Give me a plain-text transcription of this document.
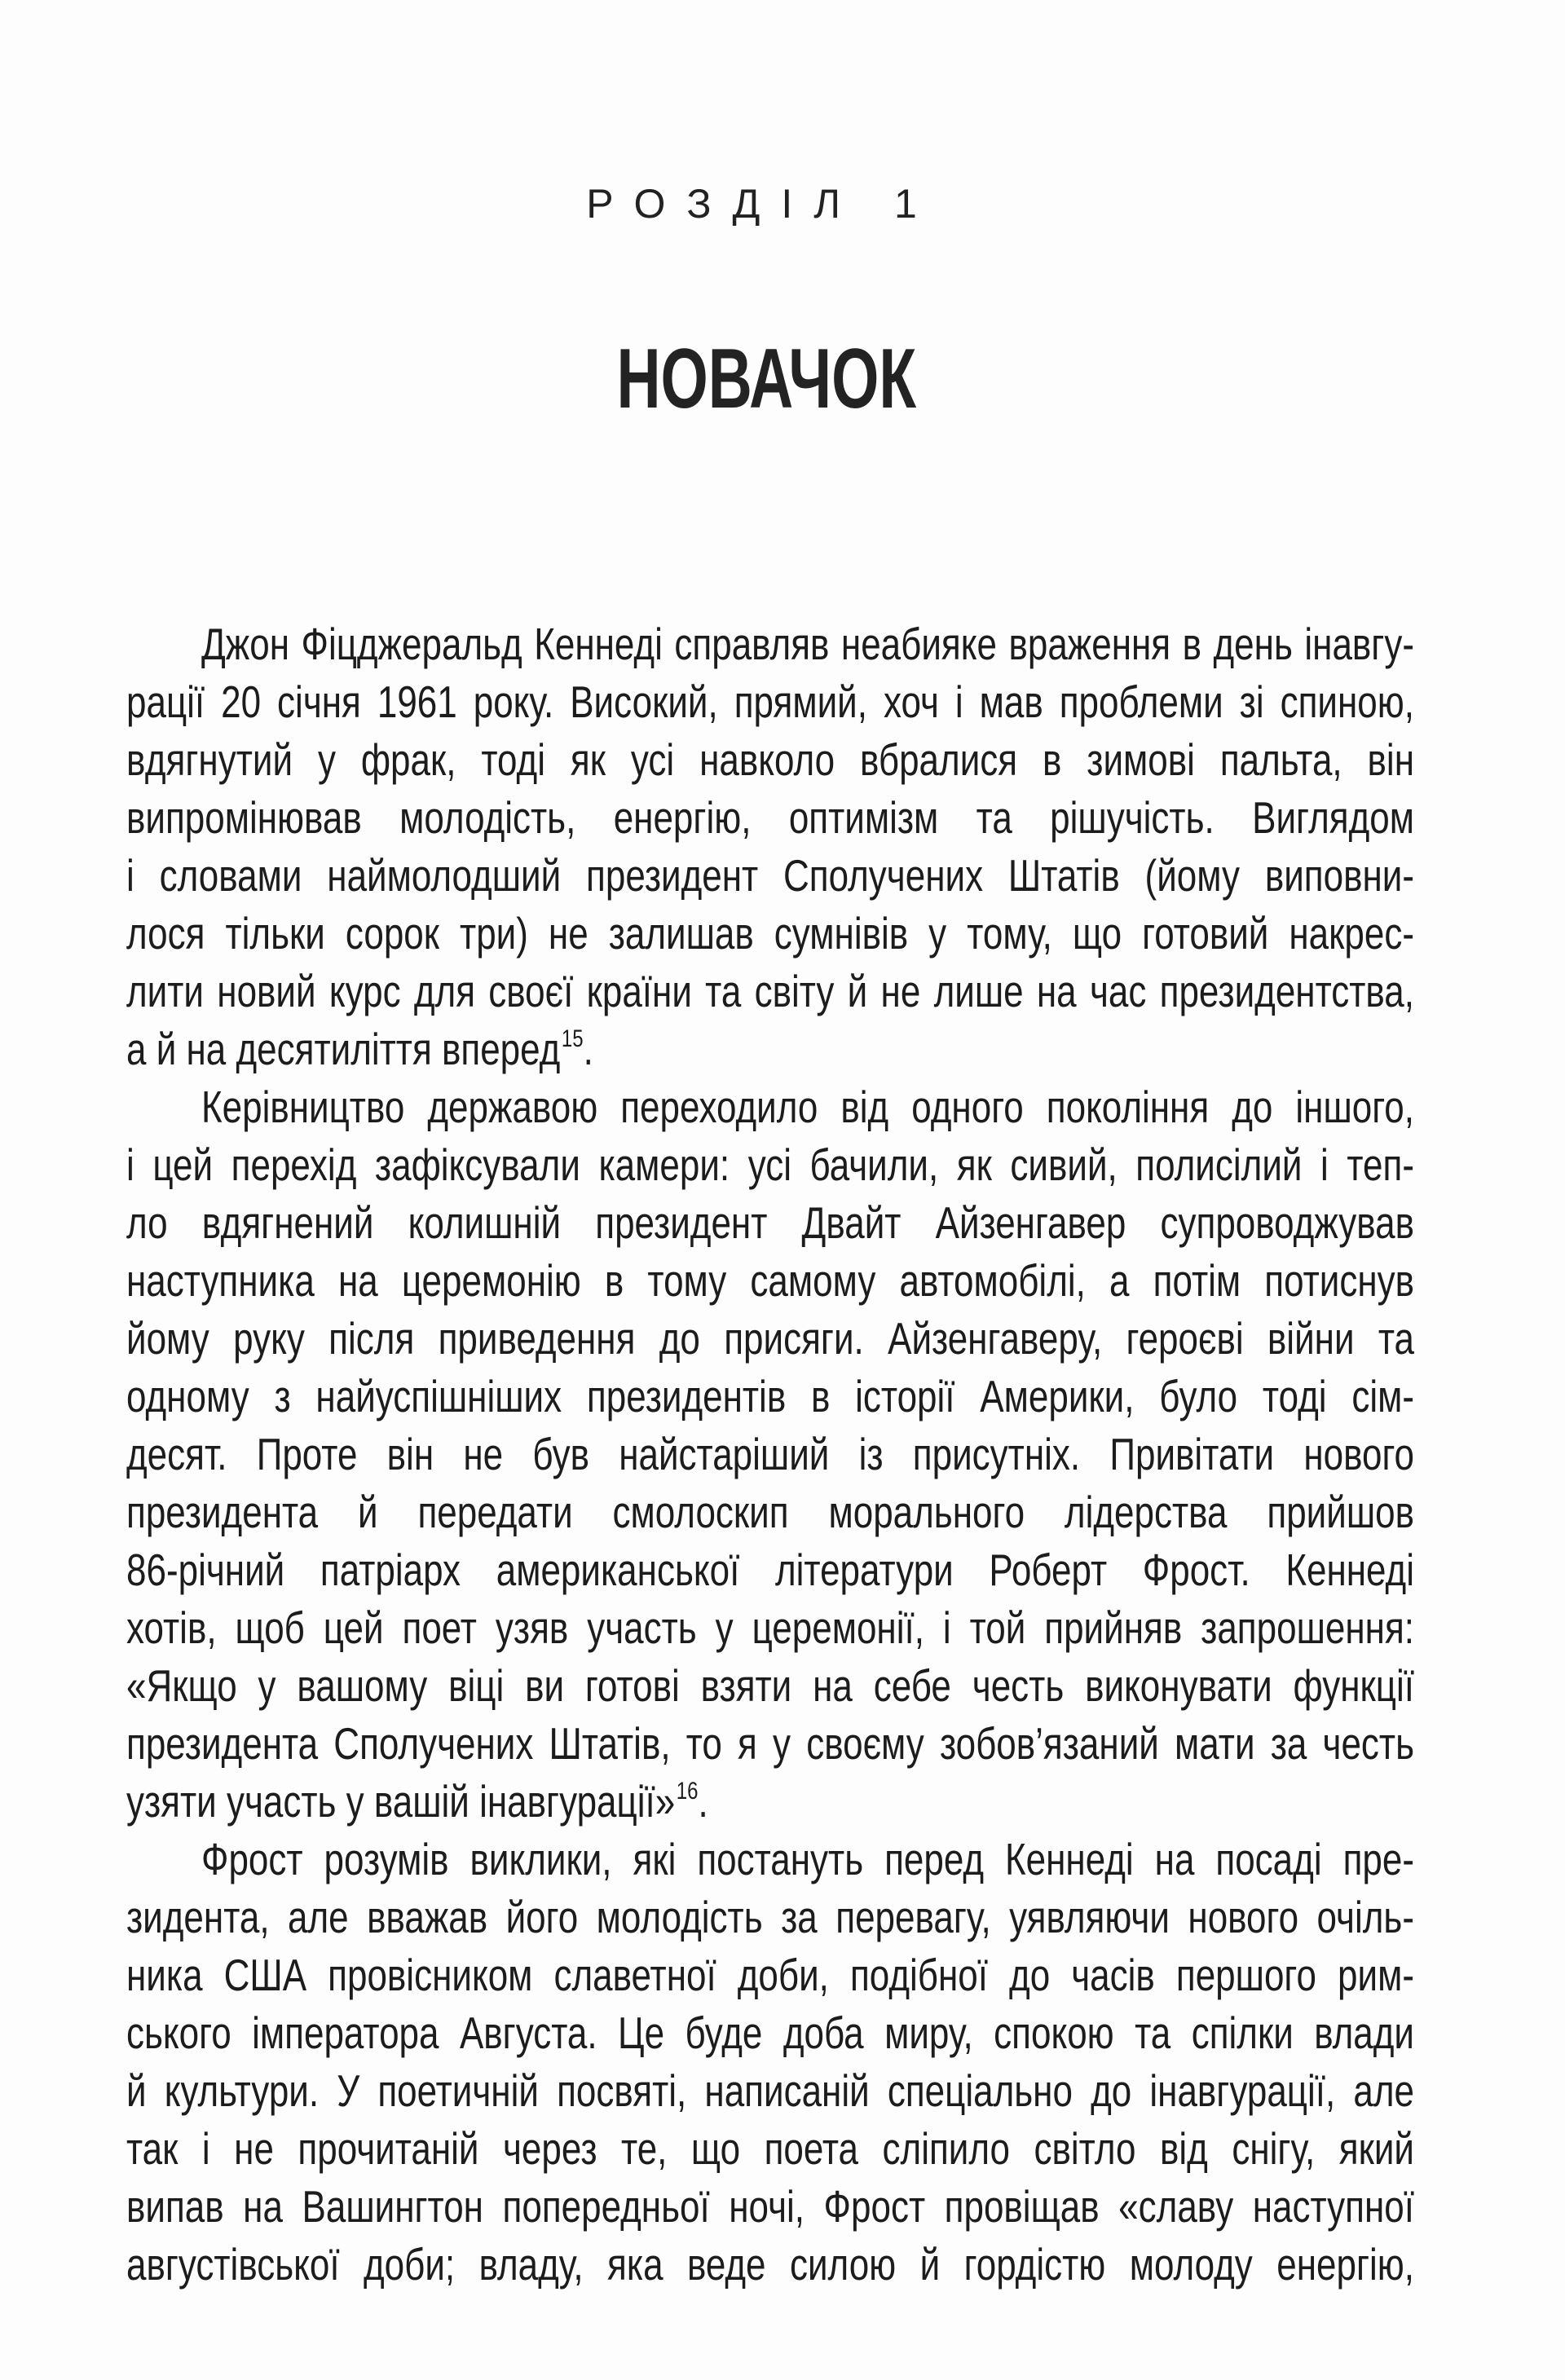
РОЗДІЛ 1
НОВАЧОК
Джон Фіцджеральд Кеннеді справляв неабияке враження в день інавгу-
рації 20 січня 1961 року. Високий, прямий, хоч і мав проблеми зі спиною,
вдягнутий у фрак, тоді як усі навколо вбралися в зимові пальта, він
випромінював молодість, енергію, оптимізм та рішучість. Виглядом
і словами наймолодший президент Сполучених Штатів (йому виповни-
лося тільки сорок три) не залишав сумнівів у тому, що готовий накрес-
лити новий курс для своєї країни та світу й не лише на час президентства,
а й на десятиліття вперед$^{15}$.
Керівництво державою переходило від одного покоління до іншого,
і цей перехід зафіксували камери: усі бачили, як сивий, полисілий і теп-
ло вдягнений колишній президент Двайт Айзенгавер супроводжував
наступника на церемонію в тому самому автомобілі, а потім потиснув
йому руку після приведення до присяги. Айзенгаверу, героєві війни та
одному з найуспішніших президентів в історії Америки, було тоді сім-
десят. Проте він не був найстаріший із присутніх. Привітати нового
президента й передати смолоскип морального лідерства прийшов
86-річний патріарх американської літератури Роберт Фрост. Кеннеді
хотів, щоб цей поет узяв участь у церемонії, і той прийняв запрошення:
«Якщо у вашому віці ви готові взяти на себе честь виконувати функції
президента Сполучених Штатів, то я у своєму зобов’язаний мати за честь
узяти участь у вашій інавгурації»$^{16}$.
Фрост розумів виклики, які постануть перед Кеннеді на посаді пре-
зидента, але вважав його молодість за перевагу, уявляючи нового очіль-
ника США провісником славетної доби, подібної до часів першого рим-
ського імператора Августа. Це буде доба миру, спокою та спілки влади
й культури. У поетичній посвяті, написаній спеціально до інавгурації, але
так і не прочитаній через те, що поета сліпило світло від снігу, який
випав на Вашингтон попередньої ночі, Фрост провіщав «славу наступної
августівської доби; владу, яка веде силою й гордістю молоду енергію,
